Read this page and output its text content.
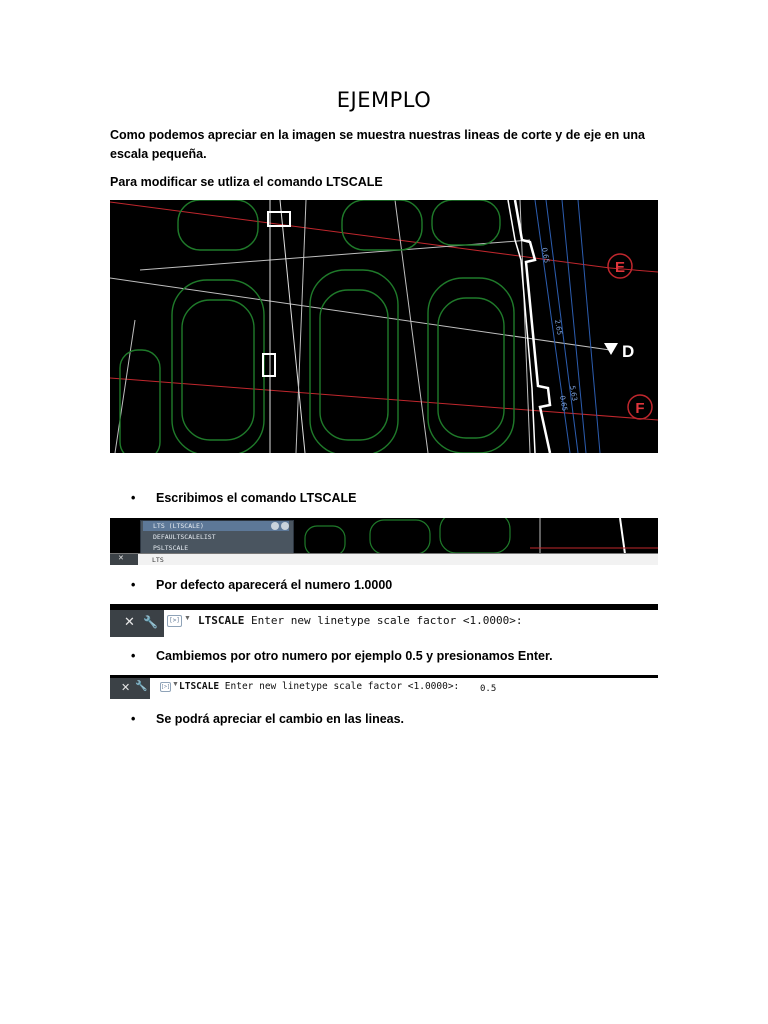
EJEMPLO
Como podemos apreciar en la imagen se muestra nuestras lineas de corte y de eje en una escala pequeña.
Para modificar se utliza el comando LTSCALE
0.65
2.65
5.63
0.65
E
D
F
• Escribimos el comando LTSCALE
LTS (LTSCALE)
DEFAULTSCALELIST
PSLTSCALE
✕	LTS
• Por defecto aparecerá el numero 1.0000
✕ 🔧	[>] ▼ LTSCALE Enter new linetype scale factor <1.0000>:
• Cambiemos por otro numero por ejemplo 0.5 y presionamos Enter.
✕ 🔧	[>] ▼ LTSCALE Enter new linetype scale factor <1.0000>: 0.5
• Se podrá apreciar el cambio en las lineas.
